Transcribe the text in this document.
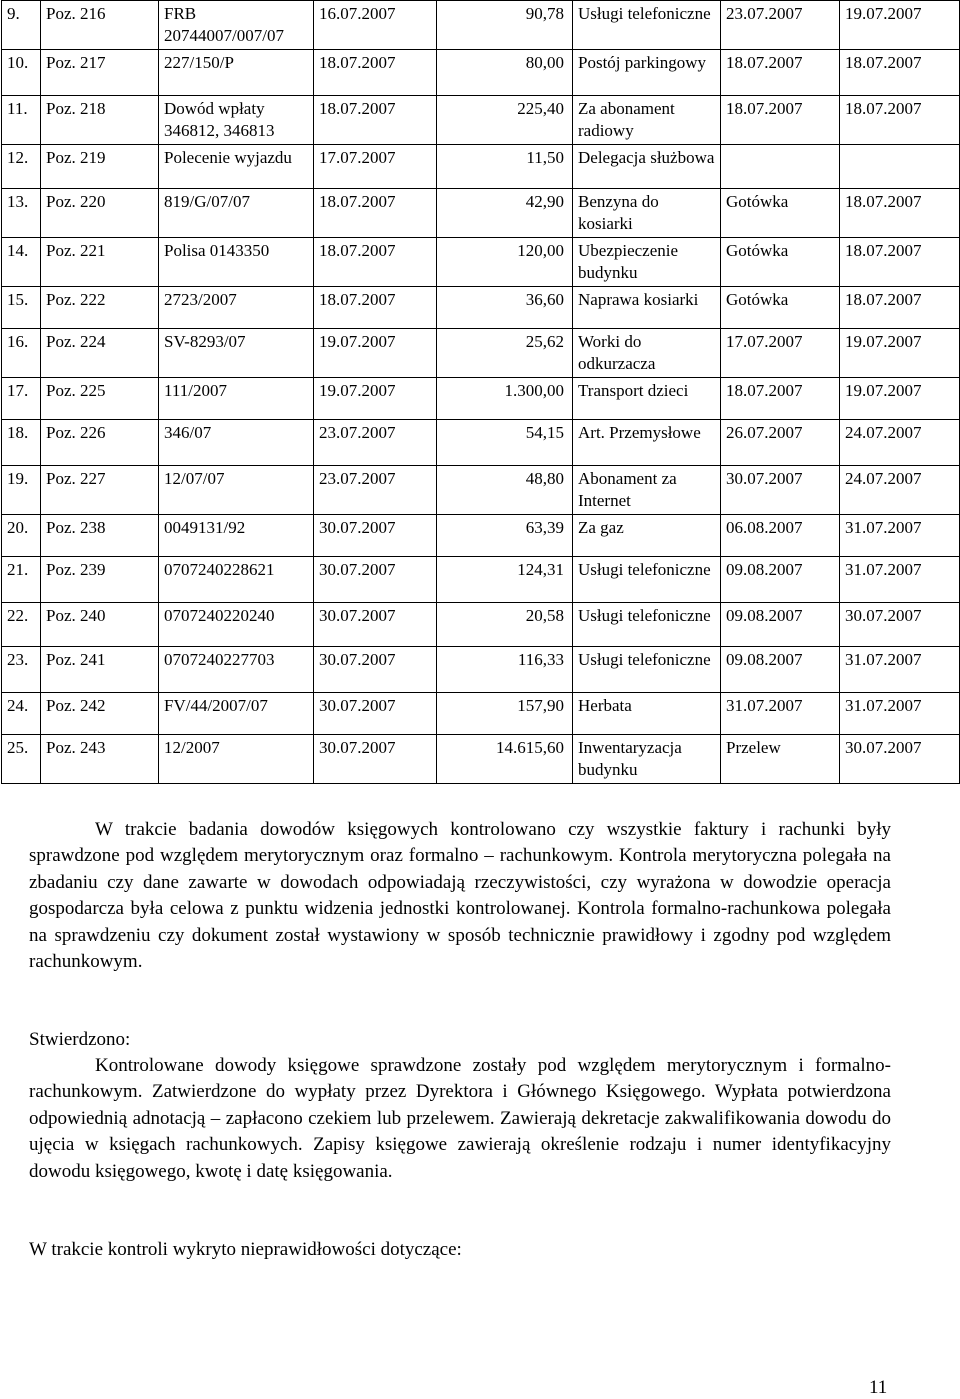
9.	Poz. 216	FRB 20744007/007/07	16.07.2007	90,78	Usługi telefoniczne	23.07.2007	19.07.2007
10.	Poz. 217	227/150/P	18.07.2007	80,00	Postój parkingowy	18.07.2007	18.07.2007
11.	Poz. 218	Dowód wpłaty 346812, 346813	18.07.2007	225,40	Za abonament radiowy	18.07.2007	18.07.2007
12.	Poz. 219	Polecenie wyjazdu	17.07.2007	11,50	Delegacja służbowa		
13.	Poz. 220	819/G/07/07	18.07.2007	42,90	Benzyna do kosiarki	Gotówka	18.07.2007
14.	Poz. 221	Polisa 0143350	18.07.2007	120,00	Ubezpieczenie budynku	Gotówka	18.07.2007
15.	Poz. 222	2723/2007	18.07.2007	36,60	Naprawa kosiarki	Gotówka	18.07.2007
16.	Poz. 224	SV-8293/07	19.07.2007	25,62	Worki do odkurzacza	17.07.2007	19.07.2007
17.	Poz. 225	111/2007	19.07.2007	1.300,00	Transport dzieci	18.07.2007	19.07.2007
18.	Poz. 226	346/07	23.07.2007	54,15	Art. Przemysłowe	26.07.2007	24.07.2007
19.	Poz. 227	12/07/07	23.07.2007	48,80	Abonament za Internet	30.07.2007	24.07.2007
20.	Poz. 238	0049131/92	30.07.2007	63,39	Za gaz	06.08.2007	31.07.2007
21.	Poz. 239	0707240228621	30.07.2007	124,31	Usługi telefoniczne	09.08.2007	31.07.2007
22.	Poz. 240	0707240220240	30.07.2007	20,58	Usługi telefoniczne	09.08.2007	30.07.2007
23.	Poz. 241	0707240227703	30.07.2007	116,33	Usługi telefoniczne	09.08.2007	31.07.2007
24.	Poz. 242	FV/44/2007/07	30.07.2007	157,90	Herbata	31.07.2007	31.07.2007
25.	Poz. 243	12/2007	30.07.2007	14.615,60	Inwentaryzacja budynku	Przelew	30.07.2007
W trakcie badania dowodów księgowych kontrolowano czy wszystkie faktury i rachunki były sprawdzone pod względem merytorycznym oraz formalno – rachunkowym. Kontrola merytoryczna polegała na zbadaniu czy dane zawarte w dowodach odpowiadają rzeczywistości, czy wyrażona w dowodzie operacja gospodarcza była celowa z punktu widzenia jednostki kontrolowanej. Kontrola formalno-rachunkowa polegała na sprawdzeniu czy dokument został wystawiony w sposób technicznie prawidłowy i zgodny pod względem rachunkowym.
Stwierdzono:
Kontrolowane dowody księgowe sprawdzone zostały pod względem merytorycznym i formalno-rachunkowym. Zatwierdzone do wypłaty przez Dyrektora i Głównego Księgowego. Wypłata potwierdzona odpowiednią adnotacją – zapłacono czekiem lub przelewem. Zawierają dekretacje zakwalifikowania dowodu do ujęcia w księgach rachunkowych. Zapisy księgowe zawierają określenie rodzaju i numer identyfikacyjny dowodu księgowego, kwotę i datę księgowania.
W trakcie kontroli wykryto nieprawidłowości dotyczące:
11
